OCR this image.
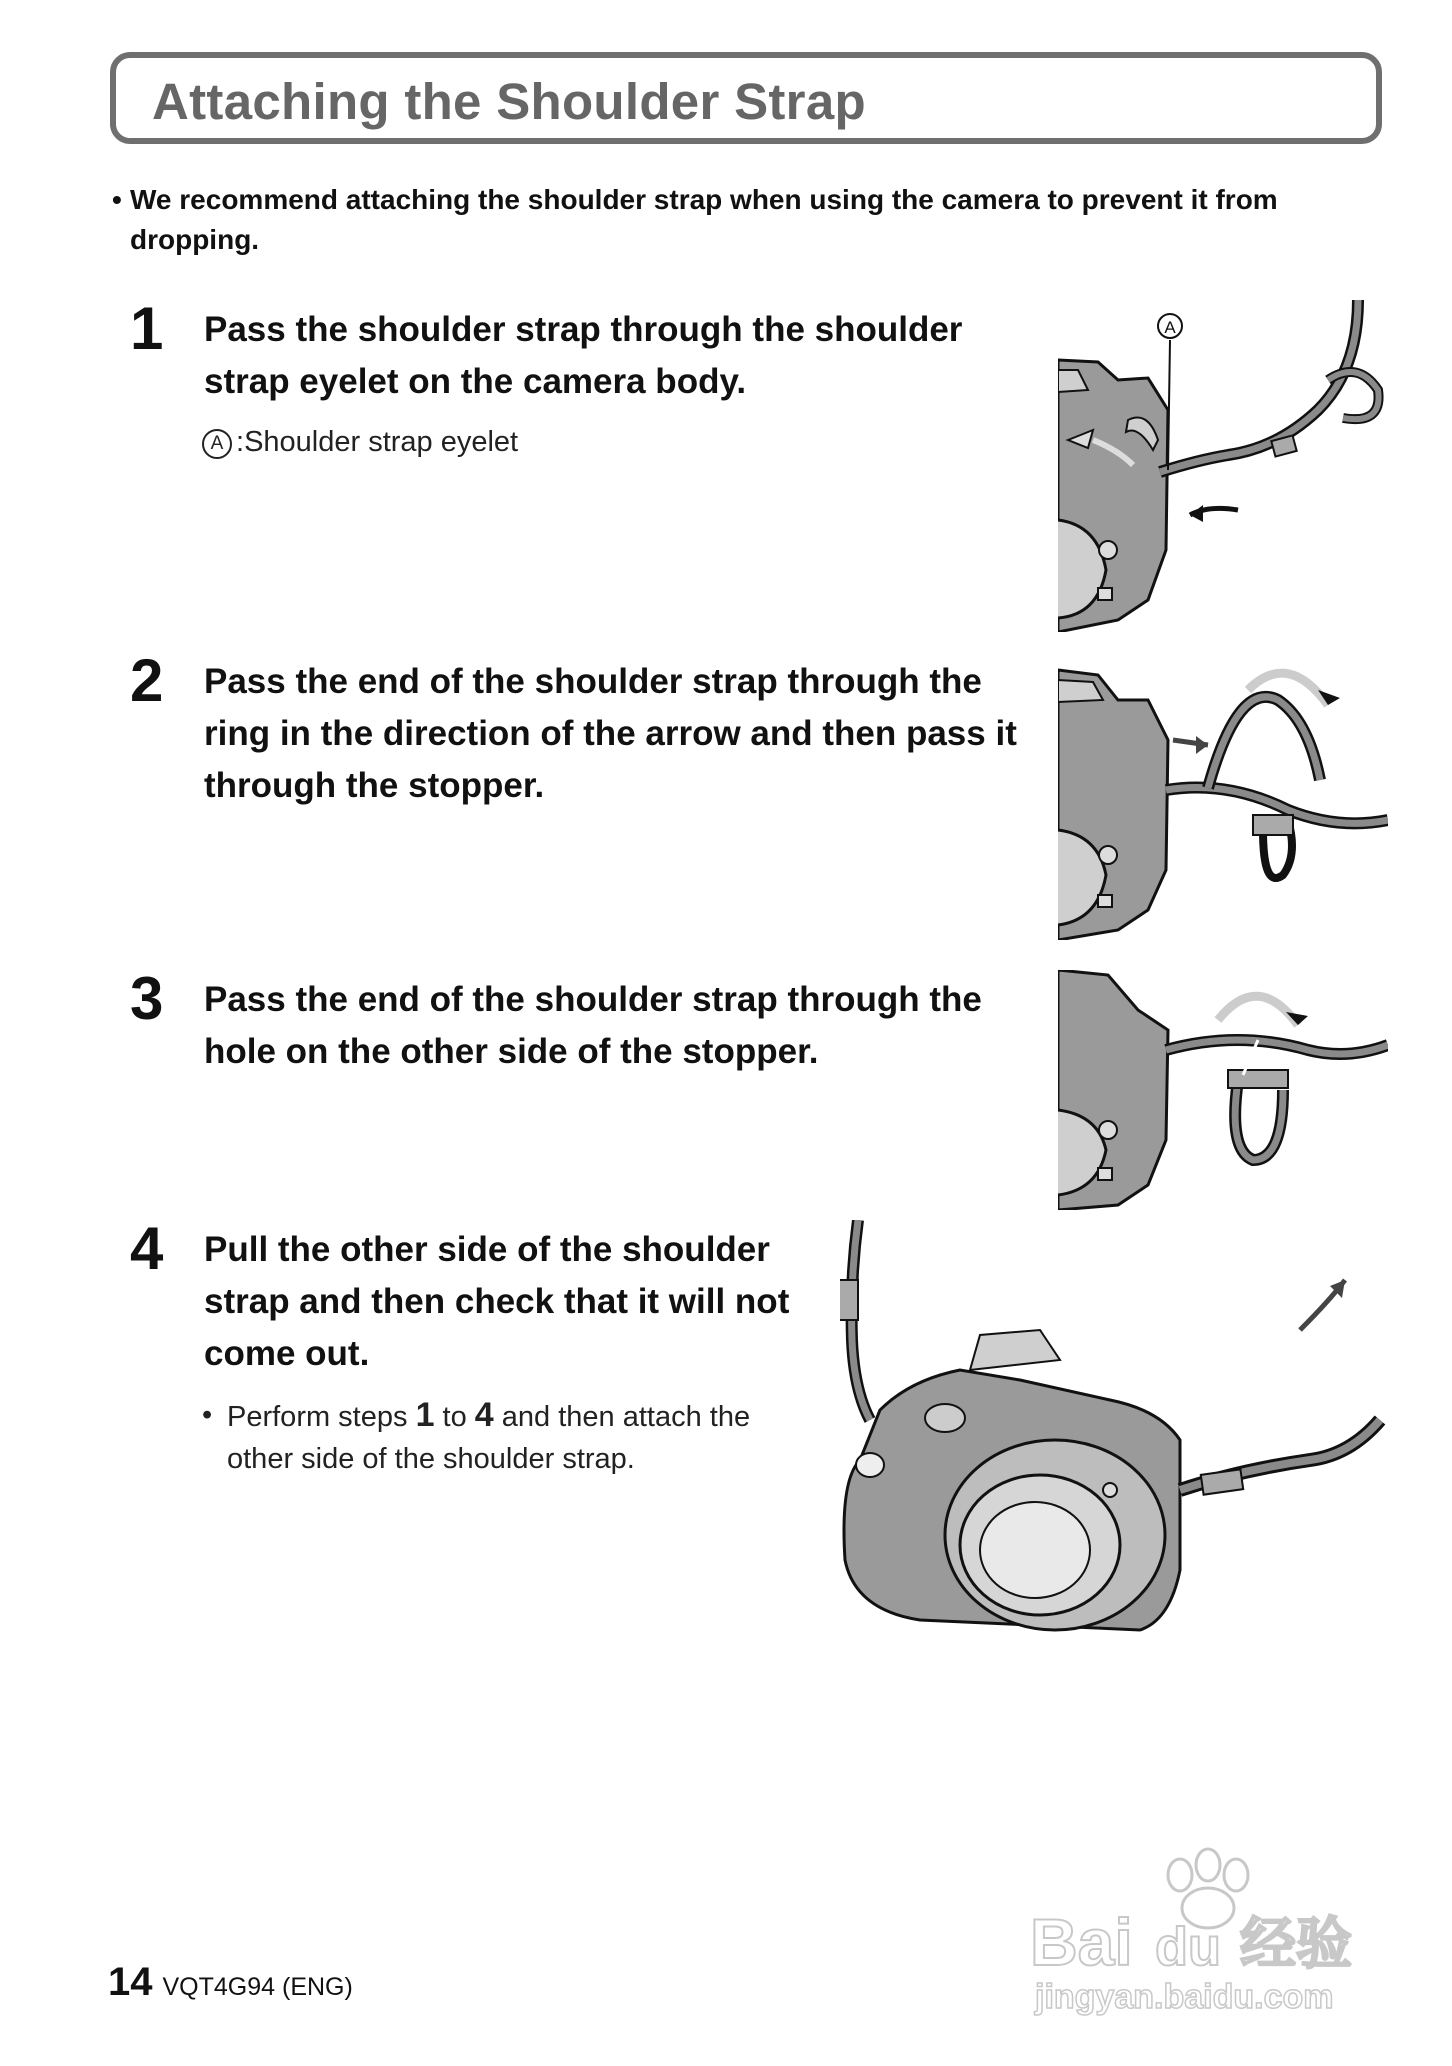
Attaching the Shoulder Strap
• We recommend attaching the shoulder strap when using the camera to prevent it from dropping.
1 Pass the shoulder strap through the shoulder strap eyelet on the camera body.
A :Shoulder strap eyelet
2 Pass the end of the shoulder strap through the ring in the direction of the arrow and then pass it through the stopper.
3 Pass the end of the shoulder strap through the hole on the other side of the stopper.
4 Pull the other side of the shoulder strap and then check that it will not come out.
• Perform steps 1 to 4 and then attach the other side of the shoulder strap.
A
14 VQT4G94 (ENG)
Bai du 经验
jingyan.baidu.com
